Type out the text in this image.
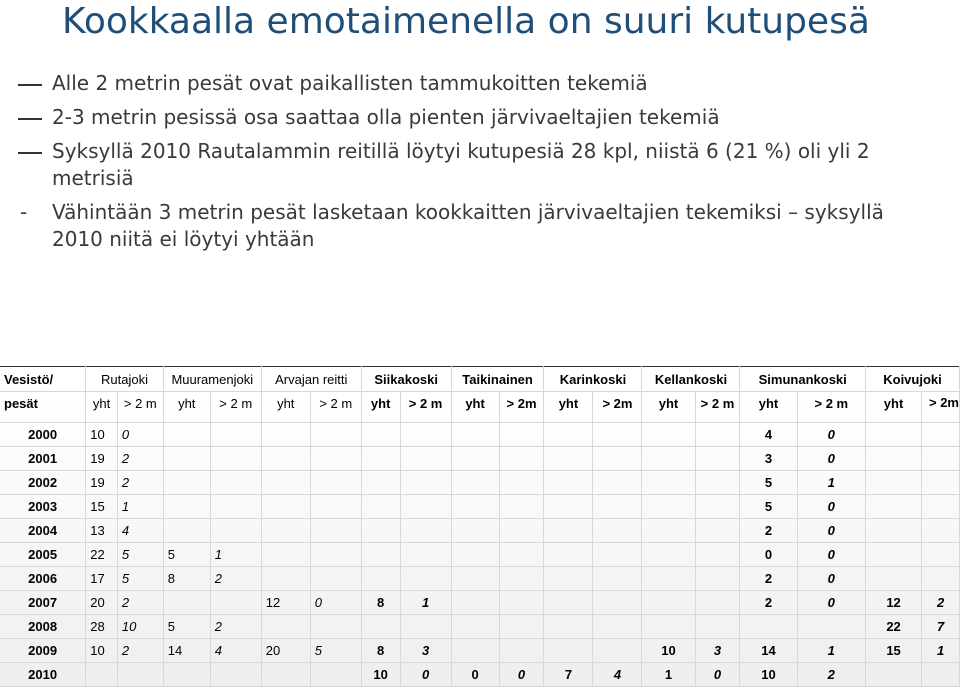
Kookkaalla emotaimenella on suuri kutupesä
Alle 2 metrin pesät ovat paikallisten tammukoitten tekemiä
2-3 metrin pesissä osa saattaa olla pienten järvivaeltajien tekemiä
Syksyllä 2010 Rautalammin reitillä löytyi kutupesiä 28 kpl, niistä 6 (21 %) oli yli 2 metrisiä
- Vähintään 3 metrin pesät lasketaan kookkaitten järvivaeltajien tekemiksi – syksyllä 2010 niitä ei löytyi yhtään
Vesistö/	Rutajoki		Muuramenjoki		Arvajan reitti		Siikakoski		Taikinainen		Karinkoski		Kellankoski		Simunankoski		Koivujoki	
pesät	yht	> 2 m	yht	> 2 m	yht	> 2 m	yht	> 2 m	yht	> 2m	yht	> 2m	yht	> 2 m	yht	> 2 m	yht	> 2m
2000	10	0													4	0		
2001	19	2													3	0		
2002	19	2													5	1		
2003	15	1													5	0		
2004	13	4													2	0		
2005	22	5	5	1											0	0		
2006	17	5	8	2											2	0		
2007	20	2			12	0	8	1							2	0	12	2
2008	28	10	5	2													22	7
2009	10	2	14	4	20	5	8	3					10	3	14	1	15	1
2010							10	0	0	0	7	4	1	0	10	2		
